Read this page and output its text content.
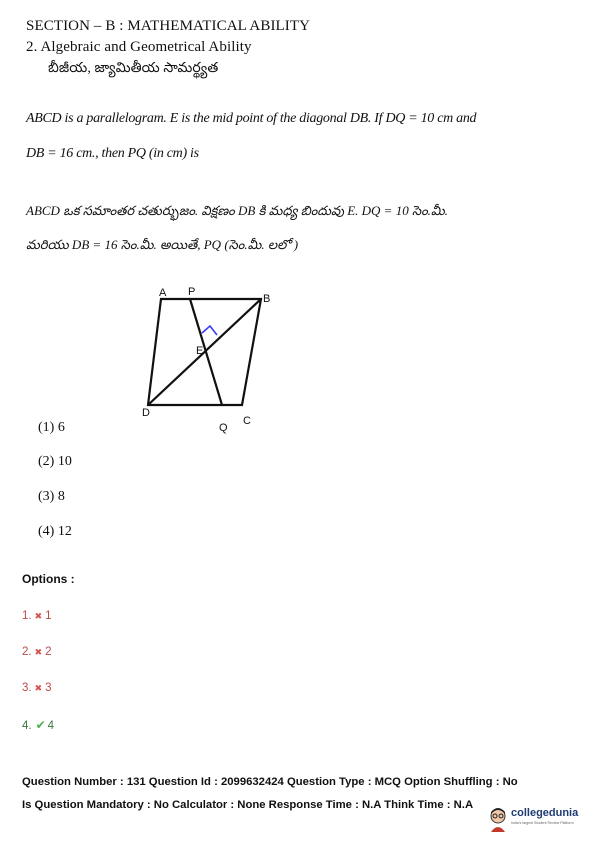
SECTION – B : MATHEMATICAL ABILITY
2. Algebraic and Geometrical Ability
బీజీయ, జ్యామితీయ సామర్థ్యత
ABCD is a parallelogram. E is the mid point of the diagonal DB. If DQ = 10 cm and
DB = 16 cm., then PQ (in cm) is
ABCD ఒక సమాంతర చతుర్భుజం. విక్షణం DB కి మధ్య బిందువు E. DQ = 10 సెం.మీ.
మరియు DB = 16 సెం.మీ. అయితే, PQ (సెం.మీ. లలో )
A P
B
E
D
Q
C
(1) 6
(2) 10
(3) 8
(4) 12
Options :
1. ✖ 1
2. ✖ 2
3. ✖ 3
4. ✔ 4
Question Number : 131 Question Id : 2099632424 Question Type : MCQ Option Shuffling : No
Is Question Mandatory : No Calculator : None Response Time : N.A Think Time : N.A
collegedunia
India's largest Student Review Platform
